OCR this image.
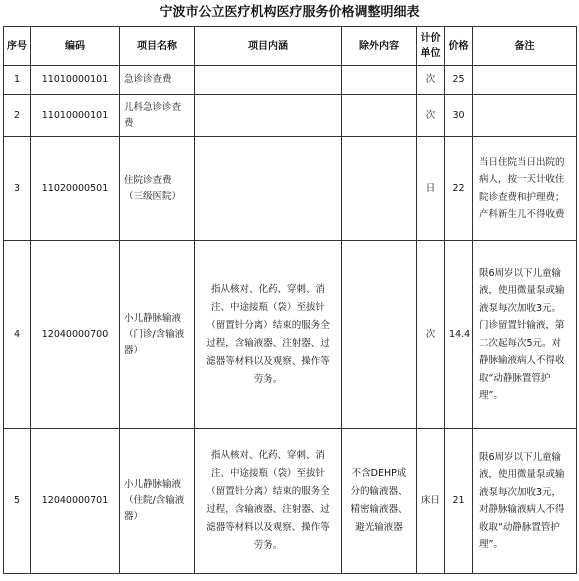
宁波市公立医疗机构医疗服务价格调整明细表
序号	编码	项目名称	项目内涵	除外内容	计价单位	价格	备注
1	11010000101	急诊诊查费			次	25	
2	11010000101	儿科急诊诊查费			次	30	
3	11020000501	住院诊查费（三级医院）			日	22	当日住院当日出院的病人，按一天计收住院诊查费和护理费；产科新生儿不得收费
4	12040000700	小儿静脉输液（门诊/含输液器）	指从核对、化药、穿刺、消注、中途接瓶（袋）至拔针（留置针分离）结束的服务全过程，含输液器、注射器、过滤器等材料以及观察、操作等劳务。		次	14.4	限6周岁以下儿童输液，使用微量泵或输液泵每次加收3元。门诊留置针输液，第二次起每次5元。对静脉输液病人不得收取“动静脉置管护理”。
5	12040000701	小儿静脉输液（住院/含输液器）	指从核对、化药、穿刺、消注、中途接瓶（袋）至拔针（留置针分离）结束的服务全过程，含输液器、注射器、过滤器等材料以及观察、操作等劳务。	不含DEHP成分的输液器、精密输液器、避光输液器	床日	21	限6周岁以下儿童输液，使用微量泵或输液泵每次加收3元，对静脉输液病人不得收取“动静脉置管护理”。
